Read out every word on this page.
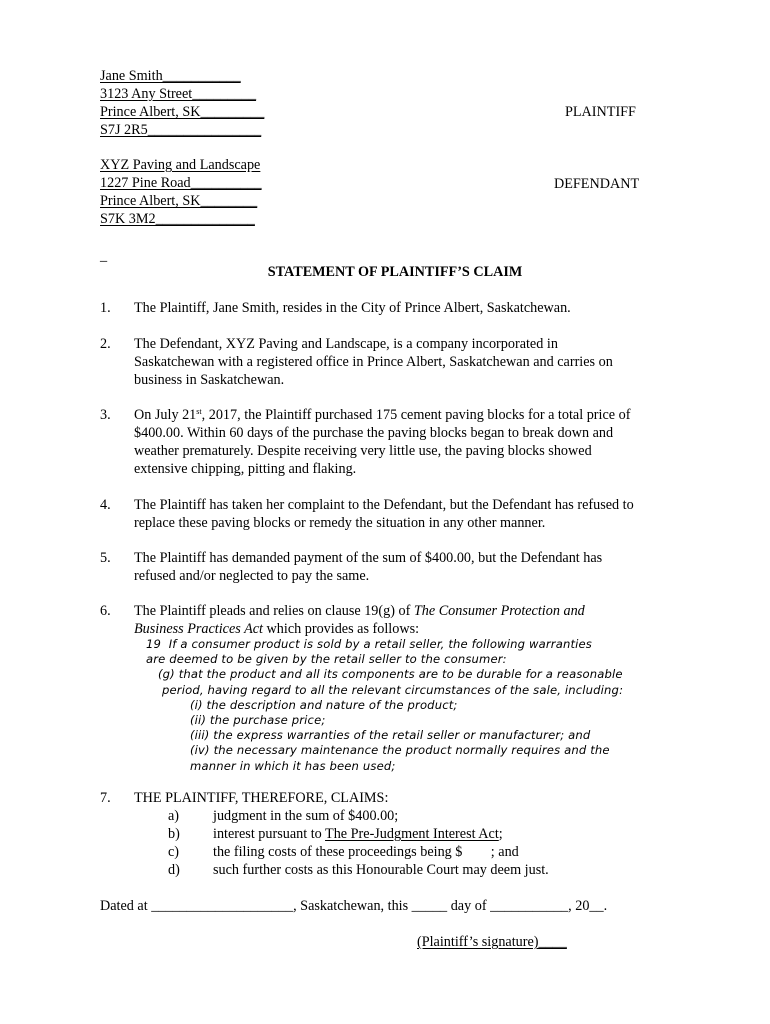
Jane Smith___________
3123 Any Street_________
Prince Albert, SK_________
S7J 2R5________________
PLAINTIFF
XYZ Paving and Landscape
1227 Pine Road__________
Prince Albert, SK________
S7K 3M2______________
DEFENDANT
_
STATEMENT OF PLAINTIFF’S CLAIM
1. The Plaintiff, Jane Smith, resides in the City of Prince Albert, Saskatchewan.

2. The Defendant, XYZ Paving and Landscape, is a company incorporated in

Saskatchewan with a registered office in Prince Albert, Saskatchewan and carries on

business in Saskatchewan.

3. On July 21st, 2017, the Plaintiff purchased 175 cement paving blocks for a total price of

$400.00. Within 60 days of the purchase the paving blocks began to break down and

weather prematurely. Despite receiving very little use, the paving blocks showed

extensive chipping, pitting and flaking.

4. The Plaintiff has taken her complaint to the Defendant, but the Defendant has refused to

replace these paving blocks or remedy the situation in any other manner.

5. The Plaintiff has demanded payment of the sum of $400.00, but the Defendant has

refused and/or neglected to pay the same.

6. The Plaintiff pleads and relies on clause 19(g) of The Consumer Protection and

Business Practices Act which provides as follows:

19  If a consumer product is sold by a retail seller, the following warranties
are deemed to be given by the retail seller to the consumer:
(g) that the product and all its components are to be durable for a reasonable
period, having regard to all the relevant circumstances of the sale, including:
(i) the description and nature of the product;
(ii) the purchase price;
(iii) the express warranties of the retail seller or manufacturer; and
(iv) the necessary maintenance the product normally requires and the
manner in which it has been used;
7. THE PLAINTIFF, THEREFORE, CLAIMS:
a) judgment in the sum of $400.00;
b) interest pursuant to The Pre-Judgment Interest Act;
c) the filing costs of these proceedings being $        ; and
d) such further costs as this Honourable Court may deem just.
Dated at ____________________, Saskatchewan, this _____ day of ___________, 20__.
(Plaintiff’s signature)____
